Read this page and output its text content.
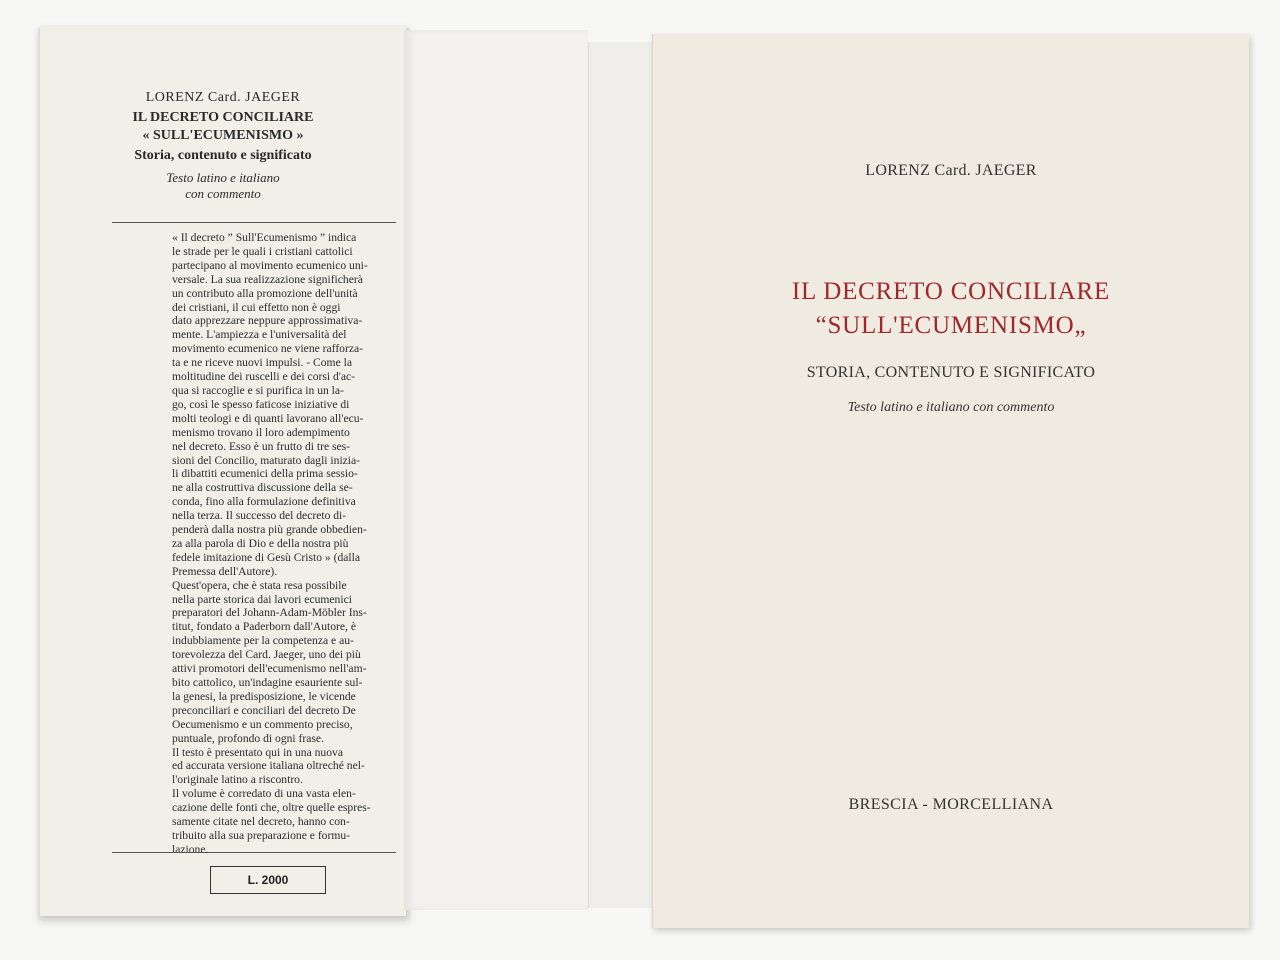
LORENZ Card. JAEGER
IL DECRETO CONCILIARE
« SULL'ECUMENISMO »
Storia, contenuto e significato
Testo latino e italiano
con commento
« Il decreto ” Sull'Ecumenismo ” indica
le strade per le quali i cristiani cattolici
partecipano al movimento ecumenico uni-
versale. La sua realizzazione significherà
un contributo alla promozione dell'unità
dei cristiani, il cui effetto non è oggi
dato apprezzare neppure approssimativa-
mente. L'ampiezza e l'universalità del
movimento ecumenico ne viene rafforza-
ta e ne riceve nuovi impulsi. - Come la
moltitudine dei ruscelli e dei corsi d'ac-
qua si raccoglie e si purifica in un la-
go, così le spesso faticose iniziative di
molti teologi e di quanti lavorano all'ecu-
menismo trovano il loro adempimento
nel decreto. Esso è un frutto di tre ses-
sioni del Concilio, maturato dagli inizia-
li dibattiti ecumenici della prima sessio-
ne alla costruttiva discussione della se-
conda, fino alla formulazione definitiva
nella terza. Il successo del decreto di-
penderà dalla nostra più grande obbedien-
za alla parola di Dio e della nostra più
fedele imitazione di Gesù Cristo » (dalla
Premessa dell'Autore).
Quest'opera, che è stata resa possibile
nella parte storica dai lavori ecumenici
preparatori del Johann-Adam-Möbler Ins-
titut, fondato a Paderborn dall'Autore, è
indubbiamente per la competenza e au-
torevolezza del Card. Jaeger, uno dei più
attivi promotori dell'ecumenismo nell'am-
bito cattolico, un'indagine esauriente sul-
la genesi, la predisposizione, le vicende
preconciliari e conciliari del decreto De
Oecumenismo e un commento preciso,
puntuale, profondo di ogni frase.
Il testo è presentato qui in una nuova
ed accurata versione italiana oltreché nel-
l'originale latino a riscontro.
Il volume è corredato di una vasta elen-
cazione delle fonti che, oltre quelle espres-
samente citate nel decreto, hanno con-
tribuito alla sua preparazione e formu-
lazione.
L. 2000
LORENZ Card. JAEGER
IL DECRETO CONCILIARE
“SULL'ECUMENISMO„
STORIA, CONTENUTO E SIGNIFICATO
Testo latino e italiano con commento
BRESCIA - MORCELLIANA
